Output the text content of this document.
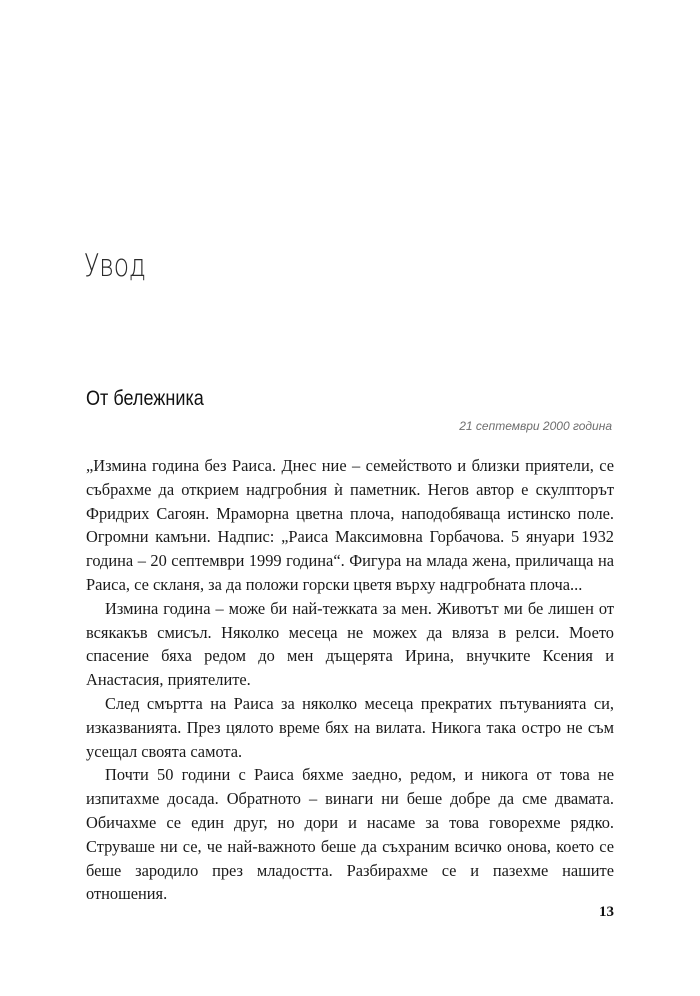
Увод
От бележника
21 септември 2000 година

„Измина година без Раиса. Днес ние – семейството и близки приятели, се събрахме да открием надгробния ѝ паметник. Негов автор е скулпторът Фридрих Сагоян. Мраморна цветна плоча, наподобяваща истинско поле. Огромни камъни. Надпис: „Раиса Максимовна Горбачова. 5 януари 1932 година – 20 септември 1999 година“. Фигура на млада жена, приличаща на Раиса, се скланя, за да положи горски цветя върху надгробната плоча...

Измина година – може би най-тежката за мен. Животът ми бе лишен от всякакъв смисъл. Няколко месеца не можех да вляза в релси. Моето спасение бяха редом до мен дъщерята Ирина, внучките Ксения и Анастасия, приятелите.

След смъртта на Раиса за няколко месеца прекратих пътуванията си, изказванията. През цялото време бях на вилата. Никога така остро не съм усещал своята самота.

Почти 50 години с Раиса бяхме заедно, редом, и никога от това не изпитахме досада. Обратното – винаги ни беше добре да сме двамата. Обичахме се един друг, но дори и насаме за това говорехме рядко. Струваше ни се, че най-важното беше да съхраним всичко онова, което се беше зародило през младостта. Разбирахме се и пазехме нашите отношения.

13
